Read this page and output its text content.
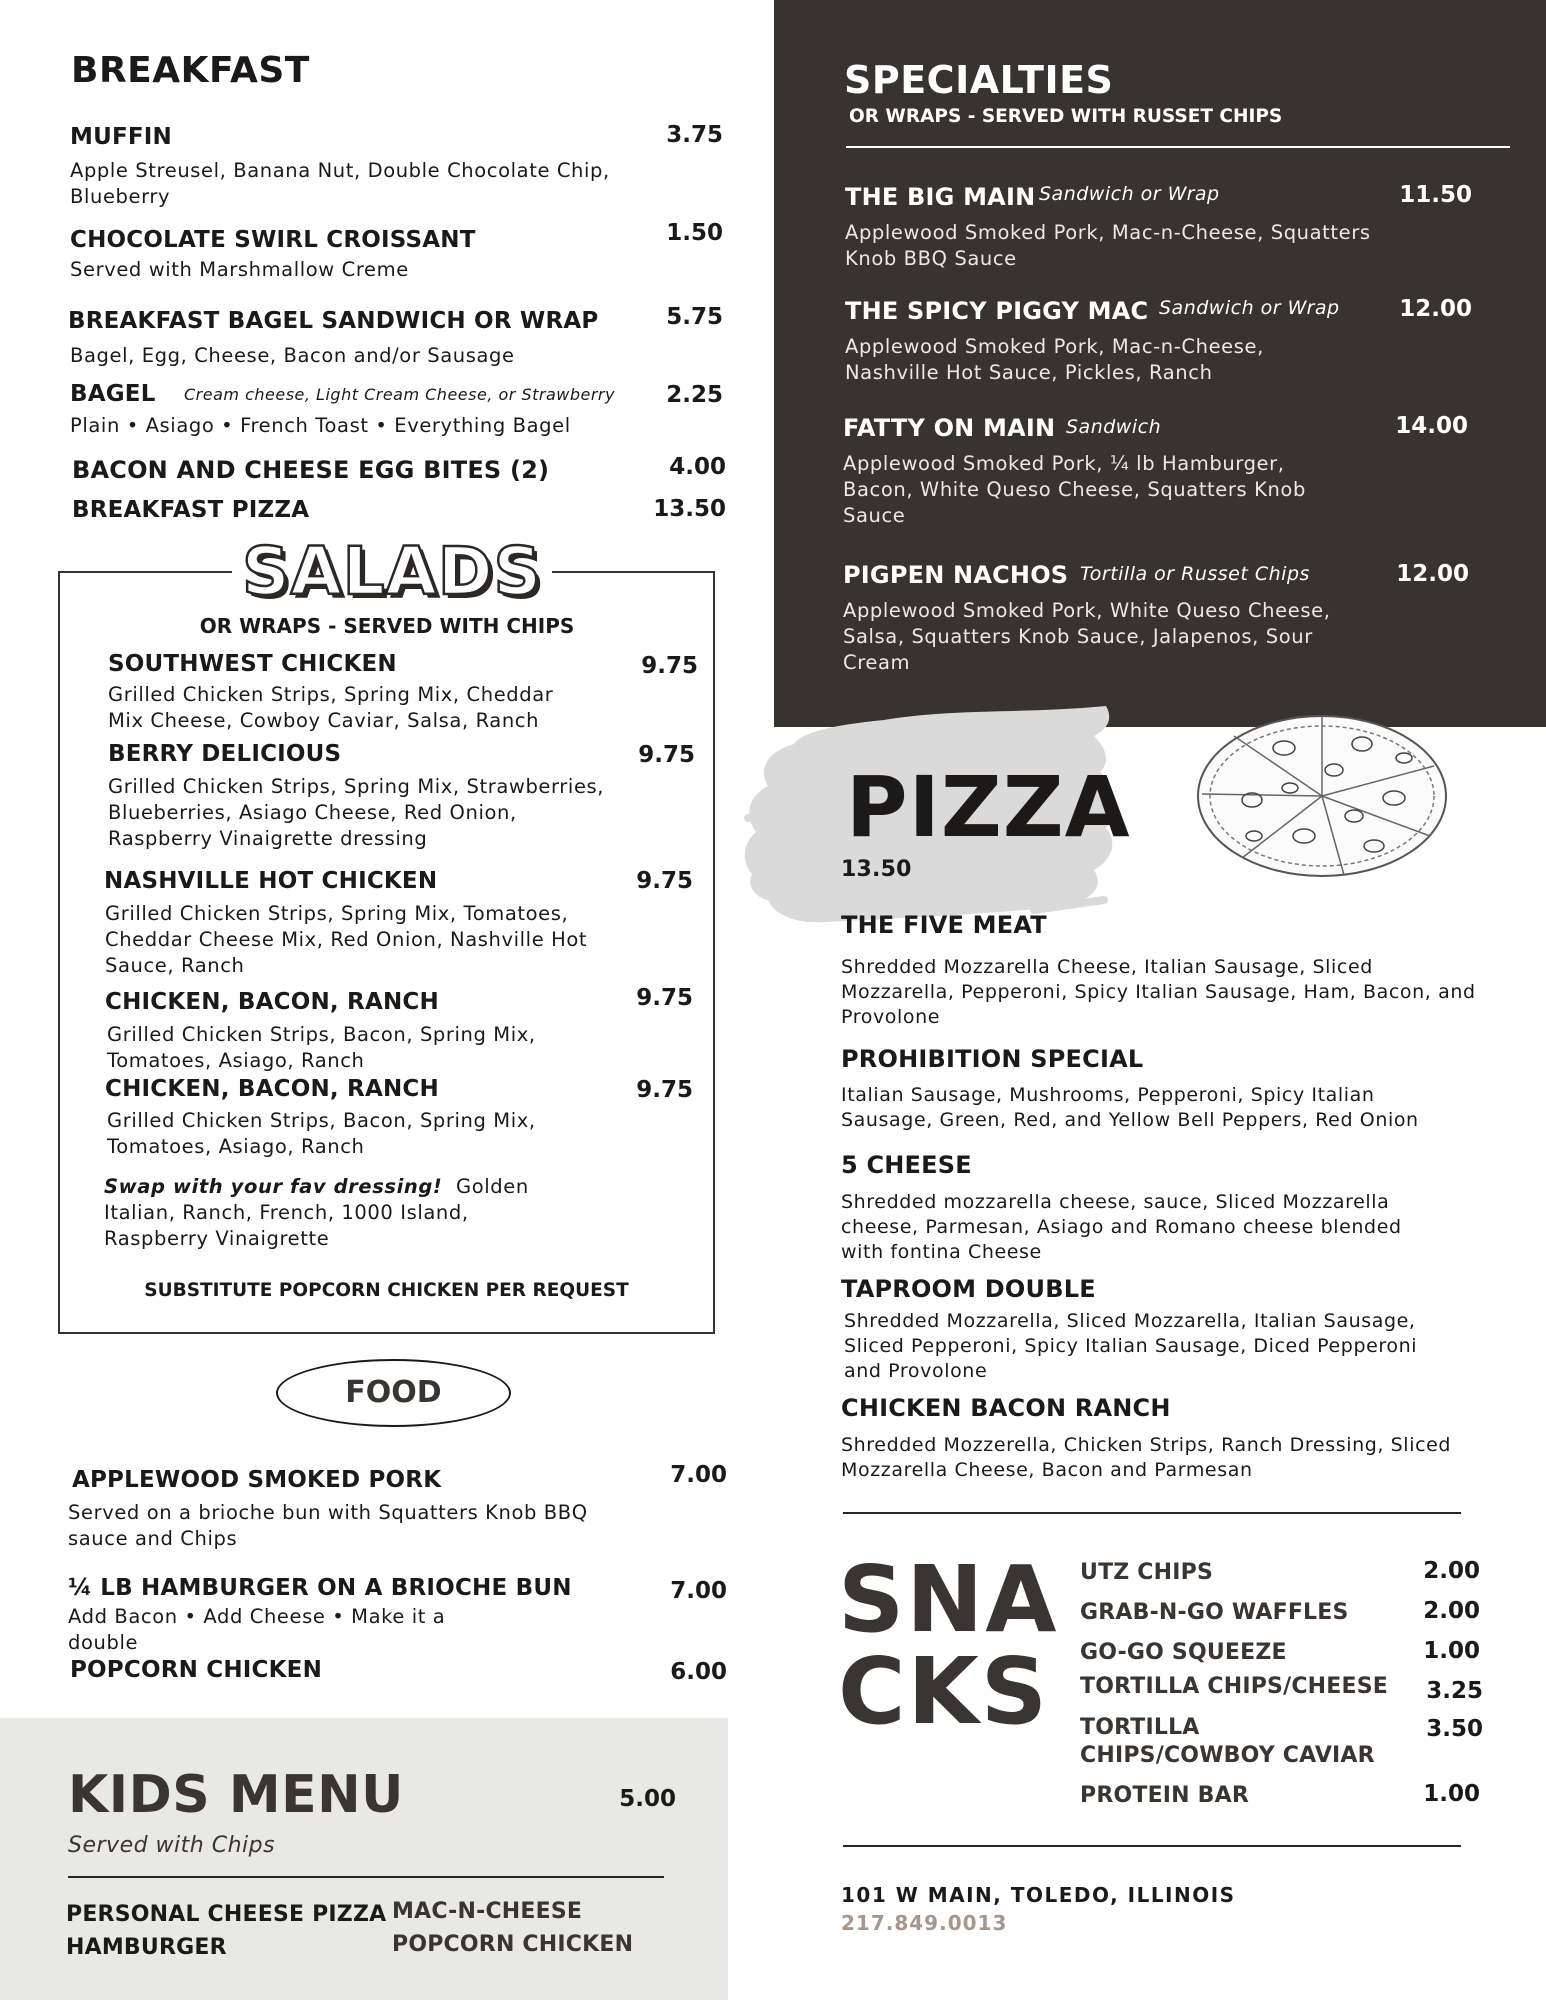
BREAKFAST
MUFFIN	3.75
Apple Streusel, Banana Nut, Double Chocolate Chip, Blueberry
CHOCOLATE SWIRL CROISSANT	1.50
Served with Marshmallow Creme
BREAKFAST BAGEL SANDWICH OR WRAP	5.75
Bagel, Egg, Cheese, Bacon and/or Sausage
BAGEL Cream cheese, Light Cream Cheese, or Strawberry	2.25
Plain • Asiago • French Toast • Everything Bagel
BACON AND CHEESE EGG BITES (2)	4.00
BREAKFAST PIZZA	13.50
SALADS
OR WRAPS - SERVED WITH CHIPS
SOUTHWEST CHICKEN	9.75
Grilled Chicken Strips, Spring Mix, Cheddar Mix Cheese, Cowboy Caviar, Salsa, Ranch
BERRY DELICIOUS	9.75
Grilled Chicken Strips, Spring Mix, Strawberries, Blueberries, Asiago Cheese, Red Onion, Raspberry Vinaigrette dressing
NASHVILLE HOT CHICKEN	9.75
Grilled Chicken Strips, Spring Mix, Tomatoes, Cheddar Cheese Mix, Red Onion, Nashville Hot Sauce, Ranch
CHICKEN, BACON, RANCH	9.75
Grilled Chicken Strips, Bacon, Spring Mix, Tomatoes, Asiago, Ranch
CHICKEN, BACON, RANCH	9.75
Grilled Chicken Strips, Bacon, Spring Mix, Tomatoes, Asiago, Ranch
Swap with your fav dressing! Golden Italian, Ranch, French, 1000 Island, Raspberry Vinaigrette
SUBSTITUTE POPCORN CHICKEN PER REQUEST
FOOD
APPLEWOOD SMOKED PORK	7.00
Served on a brioche bun with Squatters Knob BBQ sauce and Chips
¼ LB HAMBURGER ON A BRIOCHE BUN	7.00
Add Bacon • Add Cheese • Make it a double
POPCORN CHICKEN	6.00
KIDS MENU	5.00
Served with Chips
PERSONAL CHEESE PIZZA
HAMBURGER
MAC-N-CHEESE
POPCORN CHICKEN
SPECIALTIES
OR WRAPS - SERVED WITH RUSSET CHIPS
THE BIG MAIN Sandwich or Wrap	11.50
Applewood Smoked Pork, Mac-n-Cheese, Squatters Knob BBQ Sauce
THE SPICY PIGGY MAC Sandwich or Wrap	12.00
Applewood Smoked Pork, Mac-n-Cheese, Nashville Hot Sauce, Pickles, Ranch
FATTY ON MAIN Sandwich	14.00
Applewood Smoked Pork, ¼ lb Hamburger, Bacon, White Queso Cheese, Squatters Knob Sauce
PIGPEN NACHOS Tortilla or Russet Chips	12.00
Applewood Smoked Pork, White Queso Cheese, Salsa, Squatters Knob Sauce, Jalapenos, Sour Cream
PIZZA
13.50
THE FIVE MEAT
Shredded Mozzarella Cheese, Italian Sausage, Sliced Mozzarella, Pepperoni, Spicy Italian Sausage, Ham, Bacon, and Provolone
PROHIBITION SPECIAL
Italian Sausage, Mushrooms, Pepperoni, Spicy Italian Sausage, Green, Red, and Yellow Bell Peppers, Red Onion
5 CHEESE
Shredded mozzarella cheese, sauce, Sliced Mozzarella cheese, Parmesan, Asiago and Romano cheese blended with fontina Cheese
TAPROOM DOUBLE
Shredded Mozzarella, Sliced Mozzarella, Italian Sausage, Sliced Pepperoni, Spicy Italian Sausage, Diced Pepperoni and Provolone
CHICKEN BACON RANCH
Shredded Mozzerella, Chicken Strips, Ranch Dressing, Sliced Mozzarella Cheese, Bacon and Parmesan
SNA
CKS
UTZ CHIPS	2.00
GRAB-N-GO WAFFLES	2.00
GO-GO SQUEEZE	1.00
TORTILLA CHIPS/CHEESE	3.25
TORTILLA CHIPS/COWBOY CAVIAR
3.50
PROTEIN BAR	1.00
101 W MAIN, TOLEDO, ILLINOIS
217.849.0013
